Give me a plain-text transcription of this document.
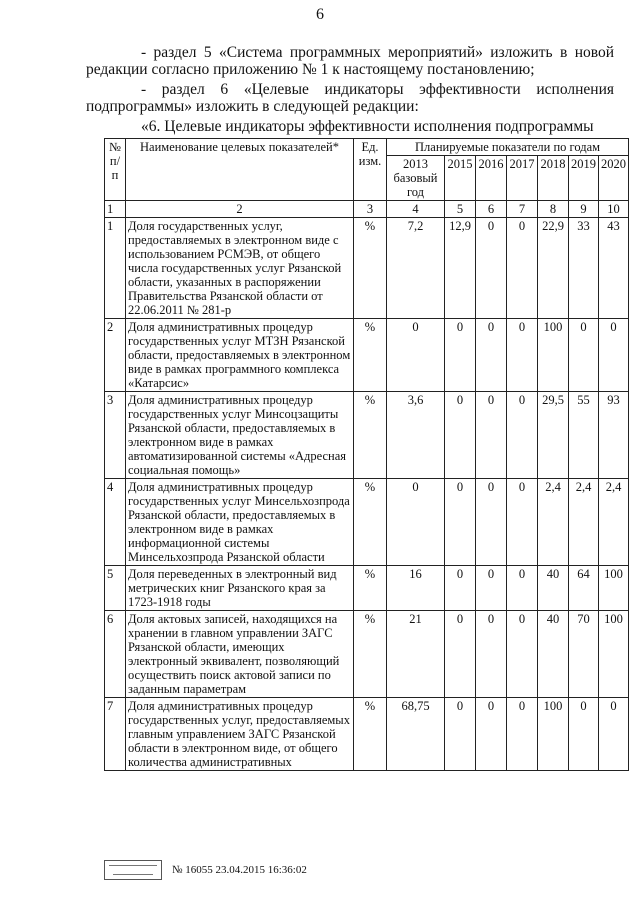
6
- раздел 5 «Система программных мероприятий» изложить в новой редакции согласно приложению № 1 к настоящему постановлению;
- раздел 6 «Целевые индикаторы эффективности исполнения подпрограммы» изложить в следующей редакции:
«6. Целевые индикаторы эффективности исполнения подпрограммы
№ п/п	Наименование целевых показателей*	Ед. изм.	Планируемые показатели по годам						
			2013 базовый год	2015	2016	2017	2018	2019	2020
1	2	3	4	5	6	7	8	9	10
1	Доля государственных услуг, предоставляемых в электронном виде с использованием РСМЭВ, от общего числа государственных услуг Рязанской области, указанных в распоряжении Правительства Рязанской области от 22.06.2011 № 281-р	%	7,2	12,9	0	0	22,9	33	43
2	Доля административных процедур государственных услуг МТЗН Рязанской области, предоставляемых в электронном виде в рамках программного комплекса «Катарсис»	%	0	0	0	0	100	0	0
3	Доля административных процедур государственных услуг Минсоцзащиты Рязанской области, предоставляемых в электронном виде в рамках автоматизированной системы «Адресная социальная помощь»	%	3,6	0	0	0	29,5	55	93
4	Доля административных процедур государственных услуг Минсельхозпрода Рязанской области, предоставляемых в электронном виде в рамках информационной системы Минсельхозпрода Рязанской области	%	0	0	0	0	2,4	2,4	2,4
5	Доля переведенных в электронный вид метрических книг Рязанского края за 1723-1918 годы	%	16	0	0	0	40	64	100
6	Доля актовых записей, находящихся на хранении в главном управлении ЗАГС Рязанской области, имеющих электронный эквивалент, позволяющий осуществить поиск актовой записи по заданным параметрам	%	21	0	0	0	40	70	100
7	Доля административных процедур государственных услуг, предоставляемых главным управлением ЗАГС Рязанской области в электронном виде, от общего количества административных	%	68,75	0	0	0	100	0	0
№ 16055 23.04.2015 16:36:02
